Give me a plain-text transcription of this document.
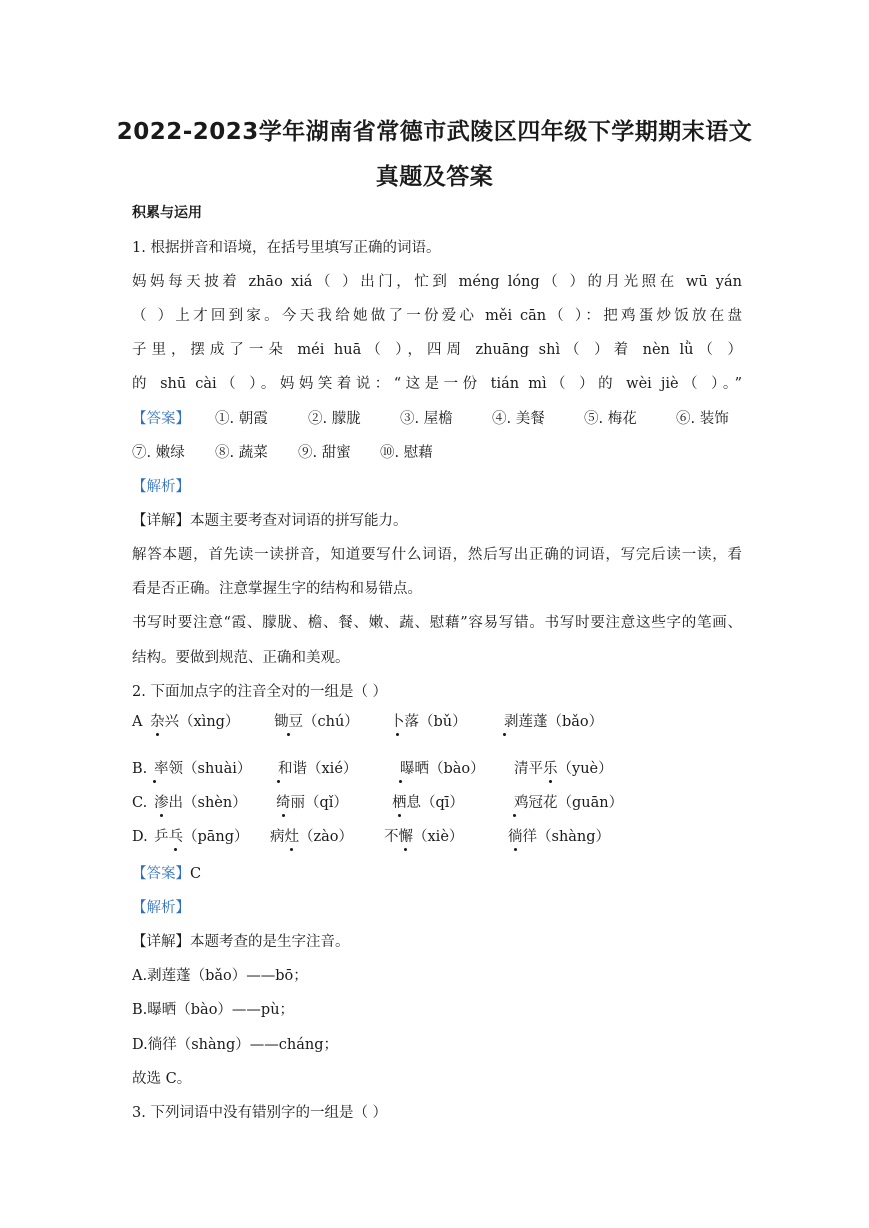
2022-2023学年湖南省常德市武陵区四年级下学期期末语文
真题及答案
积累与运用
1. 根据拼音和语境，在括号里填写正确的词语。
妈妈每天披着 zhāo xiá（ ）出门，忙到 méng lóng（ ）的月光照在 wū yán
（ ）上才回到家。今天我给她做了一份爱心 měi cān（ ）：把鸡蛋炒饭放在盘
子里，摆成了一朵 méi huā（ ），四周 zhuāng shì（ ）着 nèn lǜ（ ）
的 shū cài（ ）。妈妈笑着说：“这是一份 tián mì（ ）的 wèi jiè（ ）。”
【答案】 ①. 朝霞	②. 朦胧	③. 屋檐	④. 美餐	⑤. 梅花	⑥. 装饰
⑦. 嫩绿 ⑧. 蔬菜 ⑨. 甜蜜 ⑩. 慰藉
【解析】
【详解】本题主要考查对词语的拼写能力。
解答本题，首先读一读拼音，知道要写什么词语，然后写出正确的词语，写完后读一读，看
看是否正确。注意掌握生字的结构和易错点。
书写时要注意“霞、朦胧、檐、餐、嫩、蔬、慰藉”容易写错。书写时要注意这些字的笔画、
结构。要做到规范、正确和美观。
2. 下面加点字的注音全对的一组是（ ）
A 杂兴（xìng） 锄豆（chú） 卜落（bǔ）	剥莲蓬（bǎo）
B. 率领（shuài） 和谐（xié）	曝晒（bào） 清平乐（yuè）
C. 渗出（shèn） 绮丽（qǐ）	栖息（qī）	鸡冠花（guān）
D. 乒乓（pāng） 病灶（zào） 不懈（xiè）	徜徉（shàng）
【答案】C
【解析】
【详解】本题考查的是生字注音。
A.剥莲蓬（bǎo）——bō；
B.曝晒（bào）——pù；
D.徜徉（shàng）——cháng；
故选 C。
3. 下列词语中没有错别字的一组是（ ）
